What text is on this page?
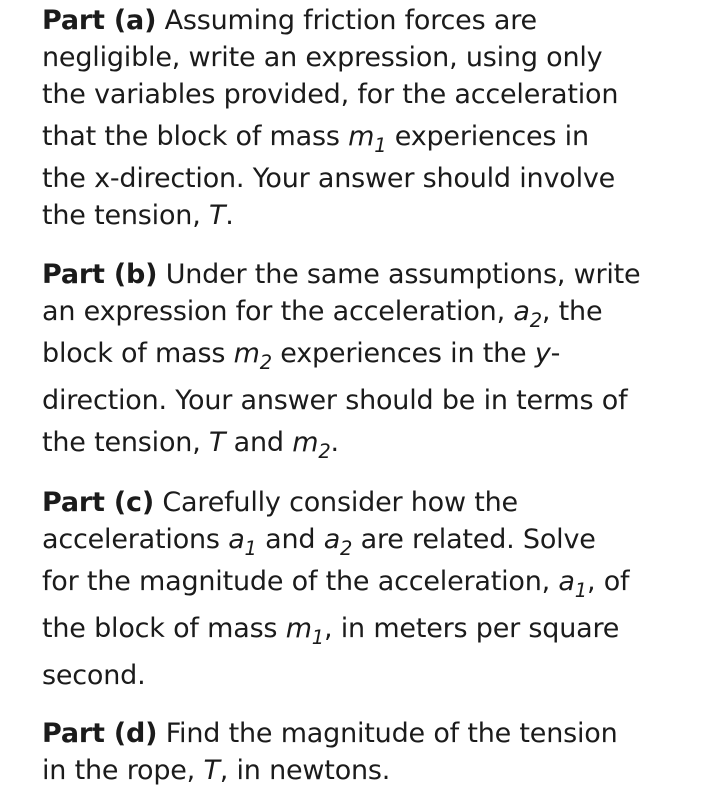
Part (a) Assuming friction forces are
negligible, write an expression, using only
the variables provided, for the acceleration
that the block of mass $m_1$ experiences in
the x-direction. Your answer should involve
the tension, T.
Part (b) Under the same assumptions, write
an expression for the acceleration, $a_2$, the
block of mass $m_2$ experiences in the y-
direction. Your answer should be in terms of
the tension, T and $m_2$.
Part (c) Carefully consider how the
accelerations $a_1$ and $a_2$ are related. Solve
for the magnitude of the acceleration, $a_1$, of
the block of mass $m_1$, in meters per square
second.
Part (d) Find the magnitude of the tension
in the rope, T, in newtons.
